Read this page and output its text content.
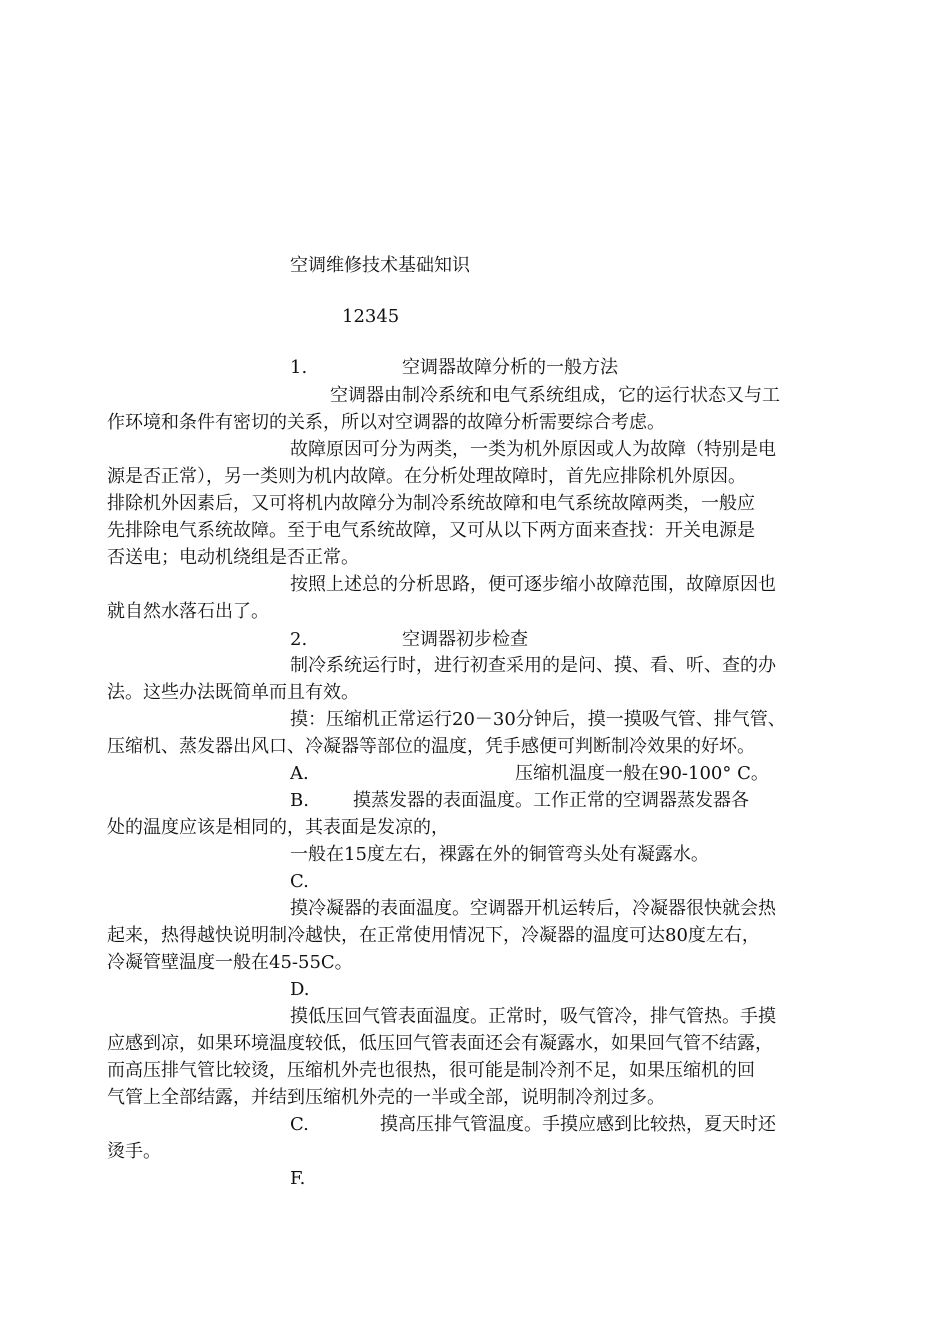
空调维修技术基础知识
12345
1.	空调器故障分析的一般方法
空调器由制冷系统和电气系统组成，它的运行状态又与工
作环境和条件有密切的关系，所以对空调器的故障分析需要综合考虑。
故障原因可分为两类，一类为机外原因或人为故障（特别是电
源是否正常），另一类则为机内故障。在分析处理故障时，首先应排除机外原因。
排除机外因素后，又可将机内故障分为制冷系统故障和电气系统故障两类，一般应
先排除电气系统故障。至于电气系统故障，又可从以下两方面来查找：开关电源是
否送电；电动机绕组是否正常。
按照上述总的分析思路，便可逐步缩小故障范围，故障原因也
就自然水落石出了。
2.	空调器初步检查
制冷系统运行时，进行初查采用的是问、摸、看、听、查的办
法。这些办法既简单而且有效。
摸：压缩机正常运行20－30分钟后，摸一摸吸气管、排气管、
压缩机、蒸发器出风口、冷凝器等部位的温度，凭手感便可判断制冷效果的好坏。
A.	压缩机温度一般在90-100° C。
B. 摸蒸发器的表面温度。工作正常的空调器蒸发器各
处的温度应该是相同的，其表面是发凉的，
一般在15度左右，裸露在外的铜管弯头处有凝露水。
C.
摸冷凝器的表面温度。空调器开机运转后，冷凝器很快就会热
起来，热得越快说明制冷越快，在正常使用情况下，冷凝器的温度可达80度左右，
冷凝管壁温度一般在45-55C。
D.
摸低压回气管表面温度。正常时，吸气管冷，排气管热。手摸
应感到凉，如果环境温度较低，低压回气管表面还会有凝露水，如果回气管不结露，
而高压排气管比较烫，压缩机外壳也很热，很可能是制冷剂不足，如果压缩机的回
气管上全部结露，并结到压缩机外壳的一半或全部，说明制冷剂过多。
C.	摸高压排气管温度。手摸应感到比较热，夏天时还
烫手。
F.
